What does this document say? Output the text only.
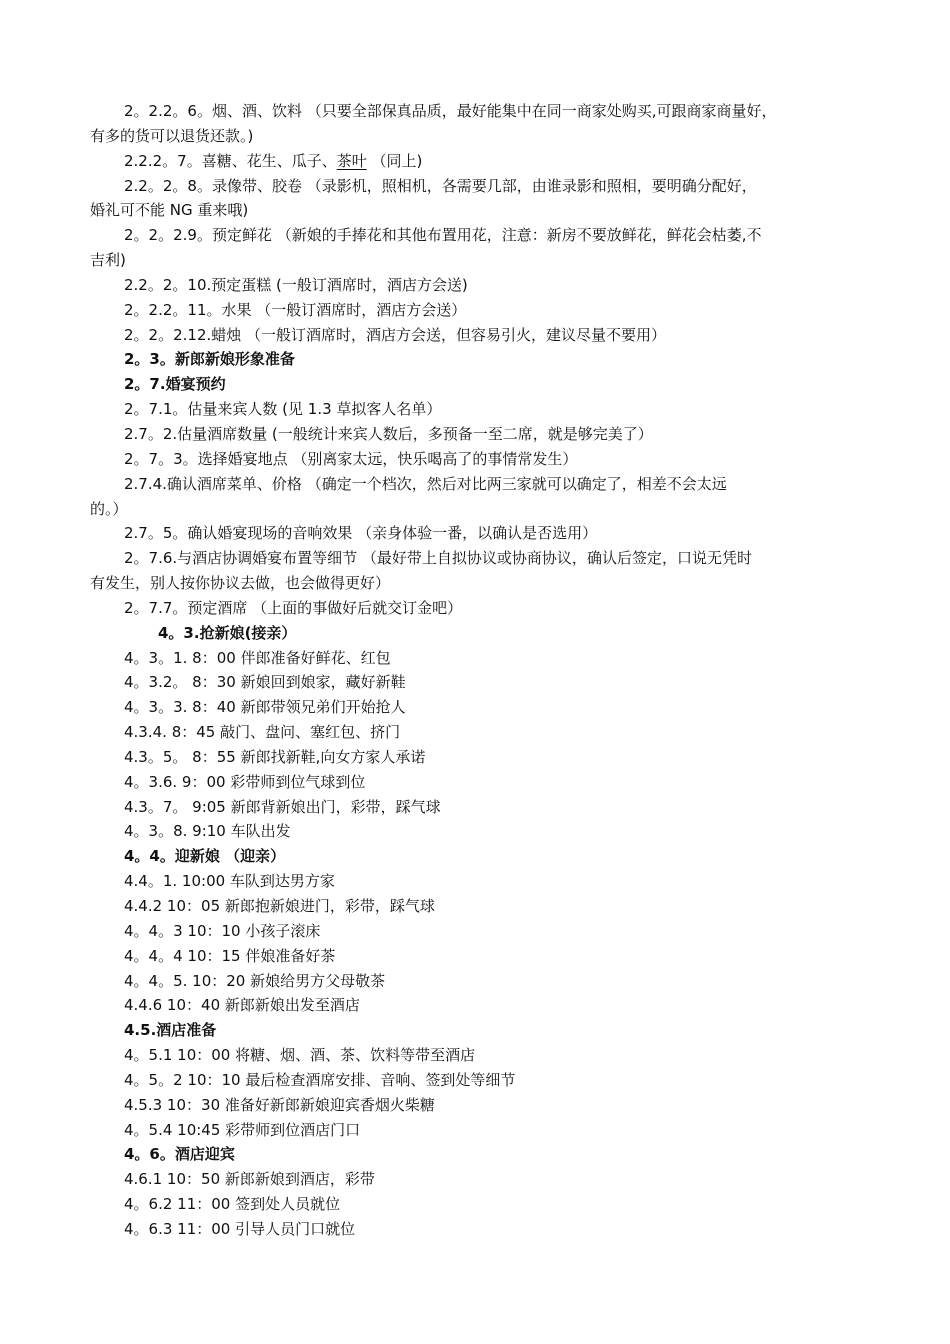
2。2.2。6。烟、酒、饮料 （只要全部保真品质，最好能集中在同一商家处购买,可跟商家商量好，
有多的货可以退货还款。)
2.2.2。7。喜糖、花生、瓜子、茶叶 （同上)
2.2。2。8。录像带、胶卷 （录影机，照相机，各需要几部，由谁录影和照相，要明确分配好，
婚礼可不能 NG 重来哦)
2。2。2.9。预定鲜花 （新娘的手捧花和其他布置用花，注意：新房不要放鲜花，鲜花会枯萎,不
吉利)
2.2。2。10.预定蛋糕 (一般订酒席时，酒店方会送)
2。2.2。11。水果 （一般订酒席时，酒店方会送）
2。2。2.12.蜡烛 （一般订酒席时，酒店方会送，但容易引火，建议尽量不要用）
2。3。新郎新娘形象准备
2。7.婚宴预约
2。7.1。估量来宾人数 (见 1.3 草拟客人名单）
2.7。2.估量酒席数量 (一般统计来宾人数后，多预备一至二席，就是够完美了）
2。7。3。选择婚宴地点 （别离家太远，快乐喝高了的事情常发生）
2.7.4.确认酒席菜单、价格 （确定一个档次，然后对比两三家就可以确定了，相差不会太远
的。）
2.7。5。确认婚宴现场的音响效果 （亲身体验一番，以确认是否选用）
2。7.6.与酒店协调婚宴布置等细节 （最好带上自拟协议或协商协议，确认后签定，口说无凭时
有发生，别人按你协议去做，也会做得更好）
2。7.7。预定酒席 （上面的事做好后就交订金吧）
4。3.抢新娘(接亲）
4。3。1. 8：00 伴郎准备好鲜花、红包
4。3.2。 8：30 新娘回到娘家，藏好新鞋
4。3。3. 8：40 新郎带领兄弟们开始抢人
4.3.4. 8：45 敲门、盘问、塞红包、挤门
4.3。5。 8：55 新郎找新鞋,向女方家人承诺
4。3.6. 9：00 彩带师到位气球到位
4.3。7。 9:05 新郎背新娘出门，彩带，踩气球
4。3。8. 9:10 车队出发
4。4。迎新娘 （迎亲）
4.4。1. 10:00 车队到达男方家
4.4.2 10：05 新郎抱新娘进门，彩带，踩气球
4。4。3 10：10 小孩子滚床
4。4。4 10：15 伴娘准备好茶
4。4。5. 10：20 新娘给男方父母敬茶
4.4.6 10：40 新郎新娘出发至酒店
4.5.酒店准备
4。5.1 10：00 将糖、烟、酒、茶、饮料等带至酒店
4。5。2 10：10 最后检查酒席安排、音响、签到处等细节
4.5.3 10：30 准备好新郎新娘迎宾香烟火柴糖
4。5.4 10:45 彩带师到位酒店门口
4。6。酒店迎宾
4.6.1 10：50 新郎新娘到酒店，彩带
4。6.2 11：00 签到处人员就位
4。6.3 11：00 引导人员门口就位
